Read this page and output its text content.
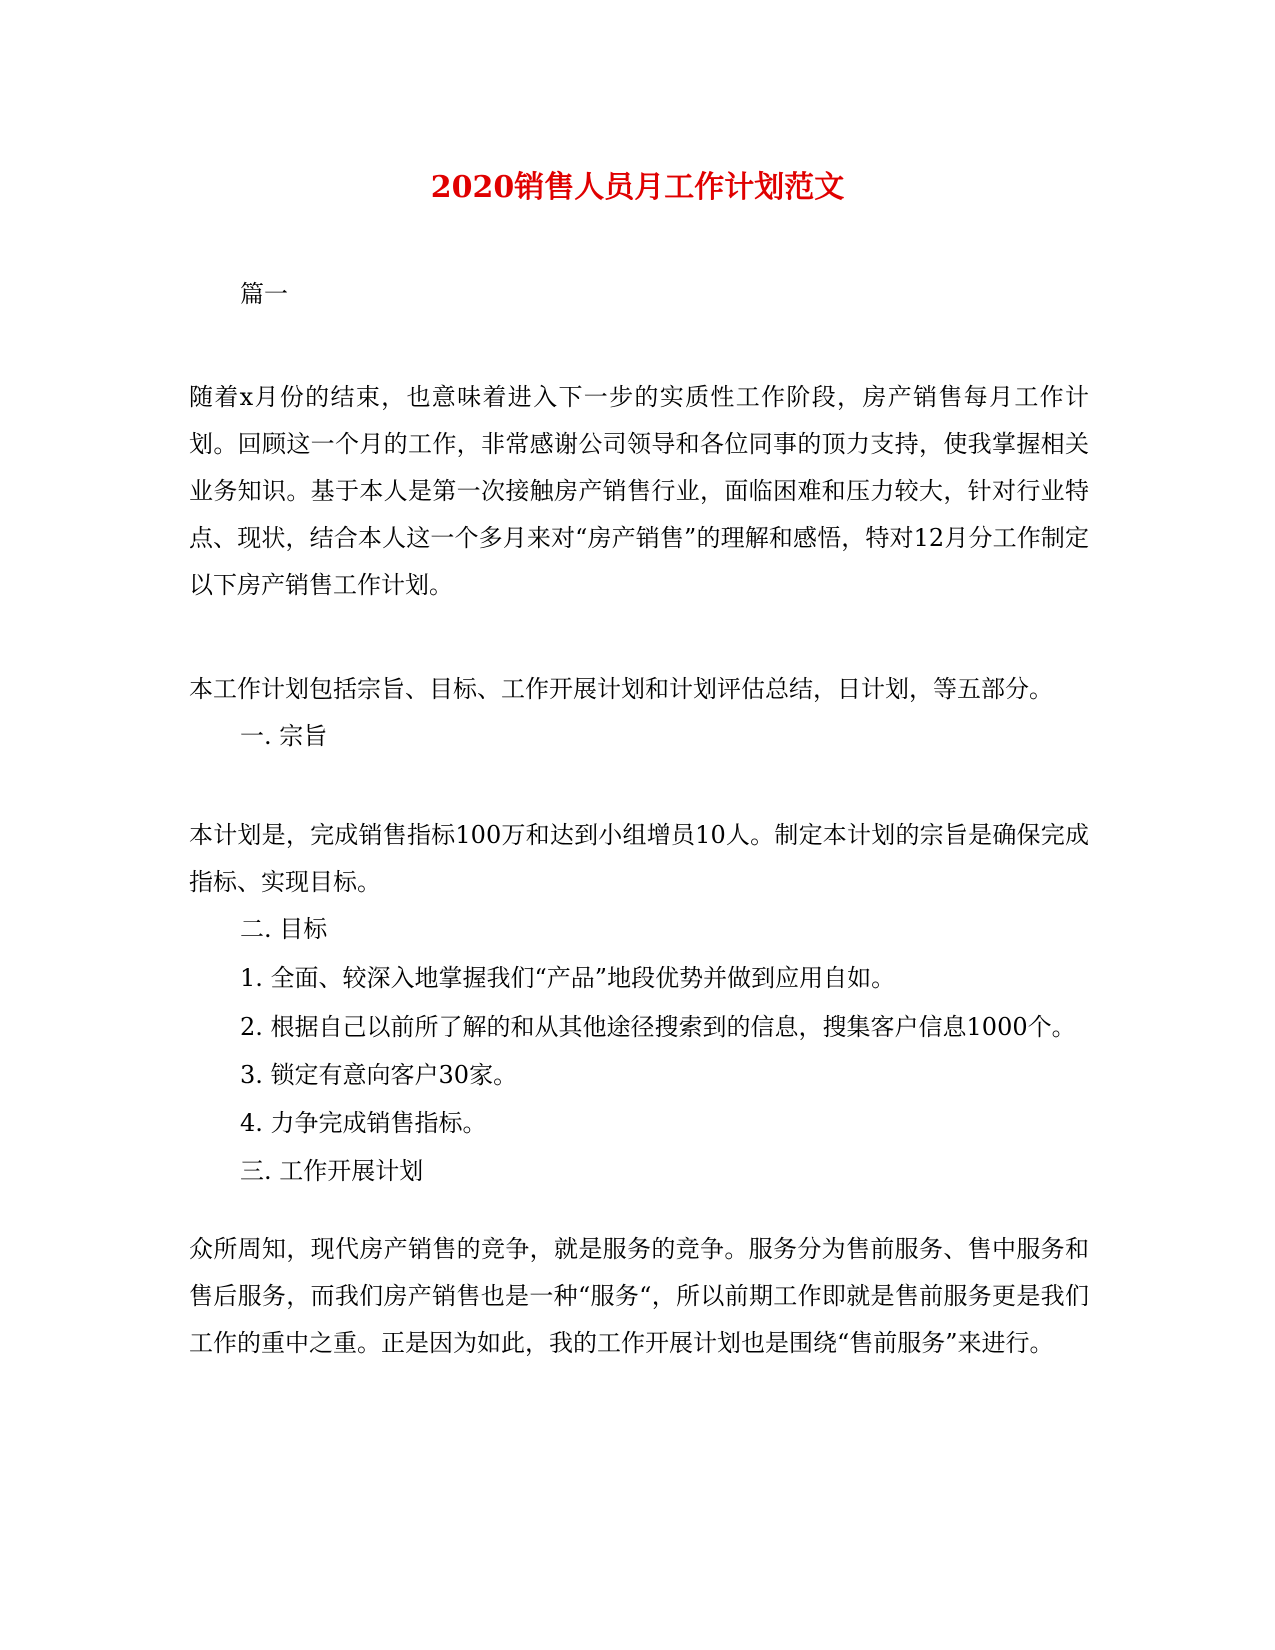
2020销售人员月工作计划范文
篇一

随着x月份的结束，也意味着进入下一步的实质性工作阶段，房产销售每月工作计划。回顾这一个月的工作，非常感谢公司领导和各位同事的顶力支持，使我掌握相关业务知识。基于本人是第一次接触房产销售行业，面临困难和压力较大，针对行业特点、现状，结合本人这一个多月来对“房产销售”的理解和感悟，特对12月分工作制定以下房产销售工作计划。

本工作计划包括宗旨、目标、工作开展计划和计划评估总结，日计划，等五部分。

一. 宗旨

本计划是，完成销售指标100万和达到小组增员10人。制定本计划的宗旨是确保完成指标、实现目标。

二. 目标

1. 全面、较深入地掌握我们“产品”地段优势并做到应用自如。

2. 根据自己以前所了解的和从其他途径搜索到的信息，搜集客户信息1000个。

3. 锁定有意向客户30家。

4. 力争完成销售指标。

三. 工作开展计划

众所周知，现代房产销售的竞争，就是服务的竞争。服务分为售前服务、售中服务和售后服务，而我们房产销售也是一种“服务“，所以前期工作即就是售前服务更是我们工作的重中之重。正是因为如此，我的工作开展计划也是围绕“售前服务”来进行。
